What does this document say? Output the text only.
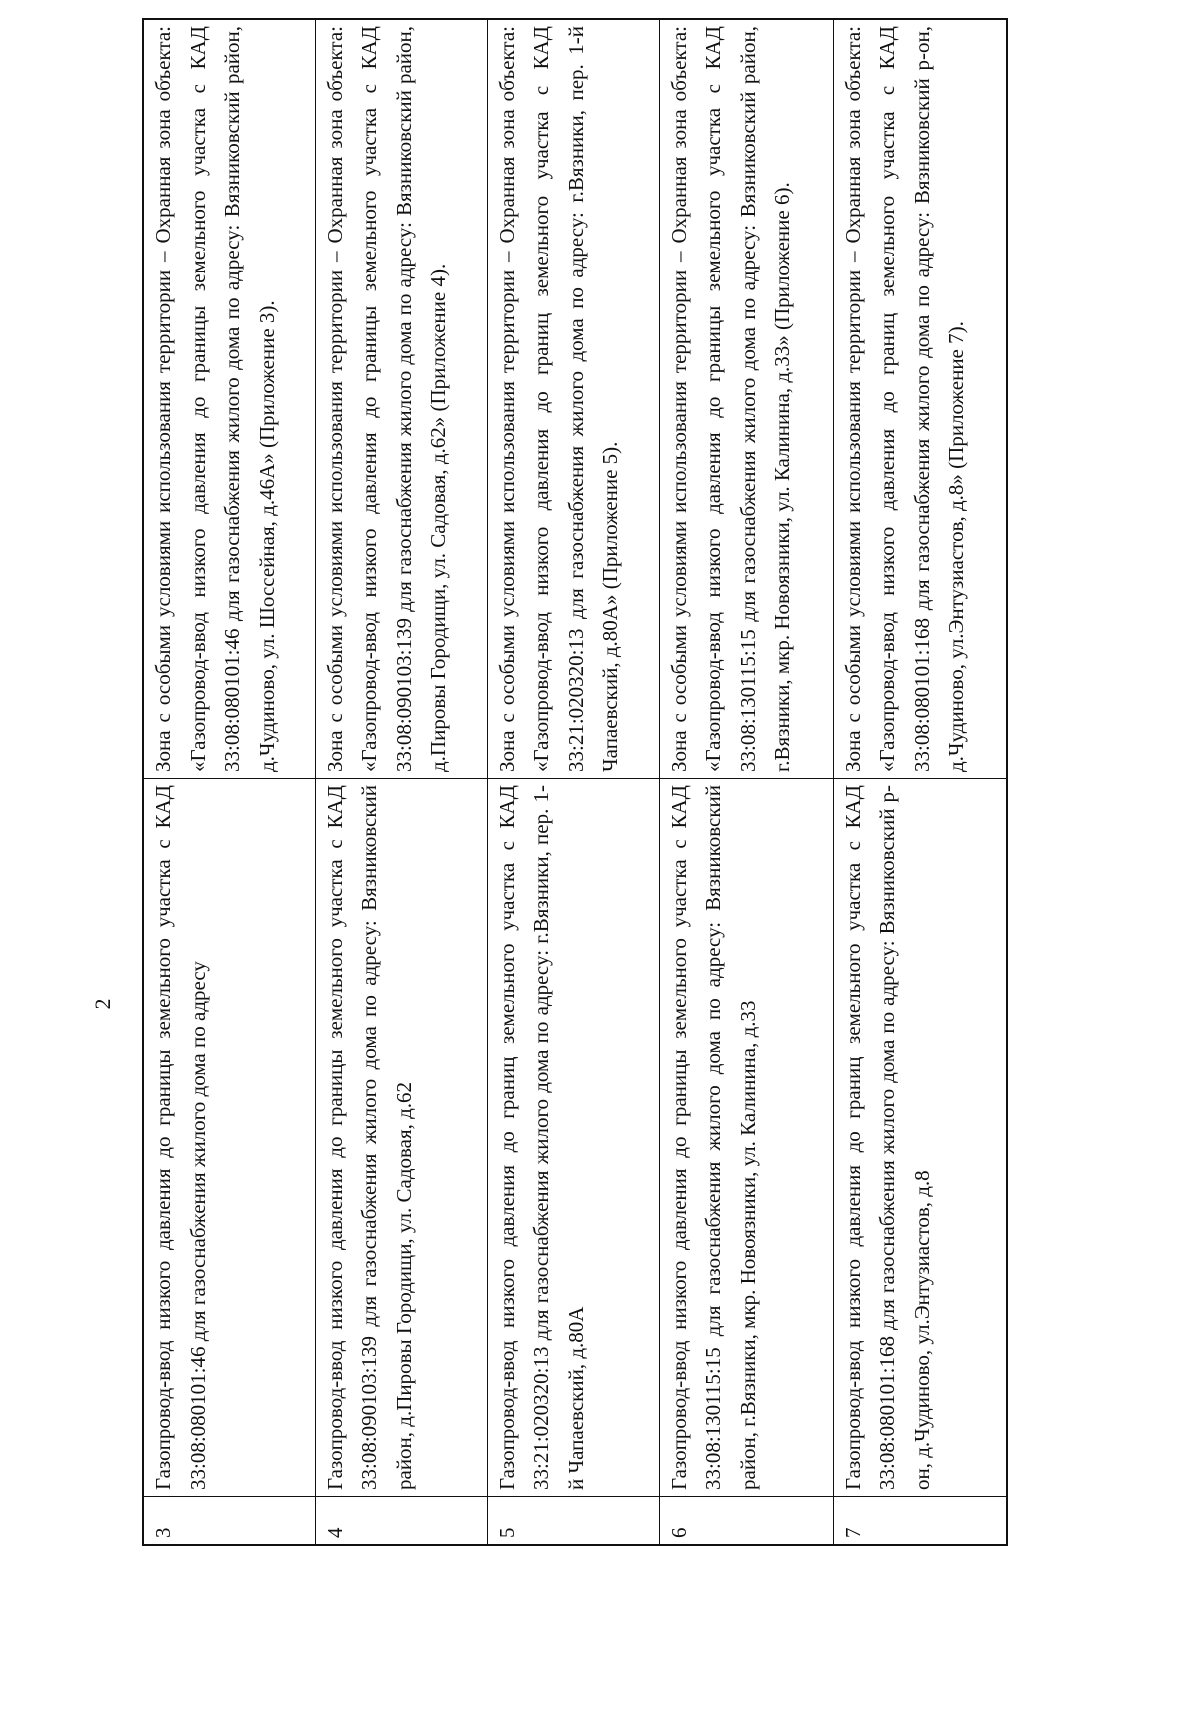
2
3	Газопровод-ввод низкого давления до границы земельного участка с КАД 33:08:080101:46 для газоснабжения жилого дома по адресу	Зона с особыми условиями использования территории – Охранная зона объекта: «Газопровод-ввод низкого давления до границы земельного участка с КАД 33:08:080101:46 для газоснабжения жилого дома по адресу: Вязниковский район, д.Чудиново, ул. Шоссейная, д.46А» (Приложение 3).
4	Газопровод-ввод низкого давления до границы земельного участка с КАД 33:08:090103:139 для газоснабжения жилого дома по адресу: Вязниковский район, д.Пировы Городищи, ул. Садовая, д.62	Зона с особыми условиями использования территории – Охранная зона объекта: «Газопровод-ввод низкого давления до границы земельного участка с КАД 33:08:090103:139 для газоснабжения жилого дома по адресу: Вязниковский район, д.Пировы Городищи, ул. Садовая, д.62» (Приложение 4).
5	Газопровод-ввод низкого давления до границ земельного участка с КАД 33:21:020320:13 для газоснабжения жилого дома по адресу: г.Вязники, пер. 1-й Чапаевский, д.80А	Зона с особыми условиями использования территории – Охранная зона объекта: «Газопровод-ввод низкого давления до границ земельного участка с КАД 33:21:020320:13 для газоснабжения жилого дома по адресу: г.Вязники, пер. 1-й Чапаевский, д.80А» (Приложение 5).
6	Газопровод-ввод низкого давления до границы земельного участка с КАД 33:08:130115:15 для газоснабжения жилого дома по адресу: Вязниковский район, г.Вязники, мкр. Новоязники, ул. Калинина, д.33	Зона с особыми условиями использования территории – Охранная зона объекта: «Газопровод-ввод низкого давления до границы земельного участка с КАД 33:08:130115:15 для газоснабжения жилого дома по адресу: Вязниковский район, г.Вязники, мкр. Новоязники, ул. Калинина, д.33» (Приложение 6).
7	Газопровод-ввод низкого давления до границ земельного участка с КАД 33:08:080101:168 для газоснабжения жилого дома по адресу: Вязниковский р-он, д.Чудиново, ул.Энтузиастов, д.8	Зона с особыми условиями использования территории – Охранная зона объекта: «Газопровод-ввод низкого давления до границ земельного участка с КАД 33:08:080101:168 для газоснабжения жилого дома по адресу: Вязниковский р-он, д.Чудиново, ул.Энтузиастов, д.8» (Приложение 7).
